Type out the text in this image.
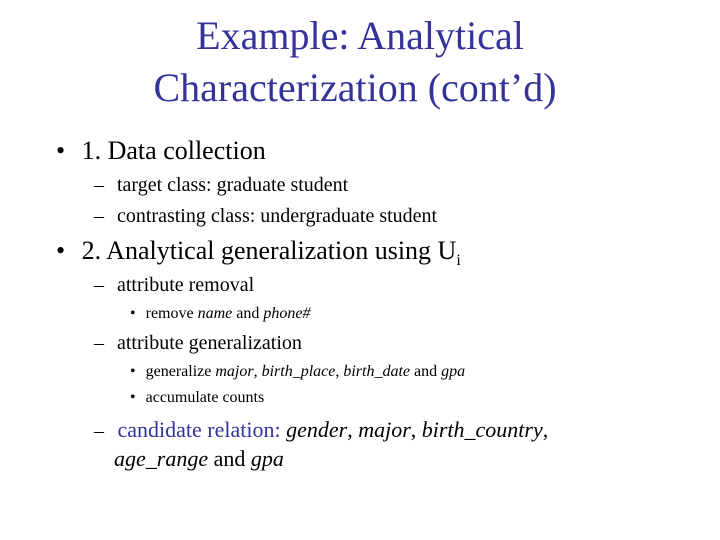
Example: Analytical

Characterization (cont’d)
• 1. Data collection
– target class: graduate student
– contrasting class: undergraduate student
• 2. Analytical generalization using $U_i$
– attribute removal
• remove name and phone#
– attribute generalization
• generalize major, birth_place, birth_date and gpa
• accumulate counts
– candidate relation: gender, major, birth_country,
age_range and gpa
